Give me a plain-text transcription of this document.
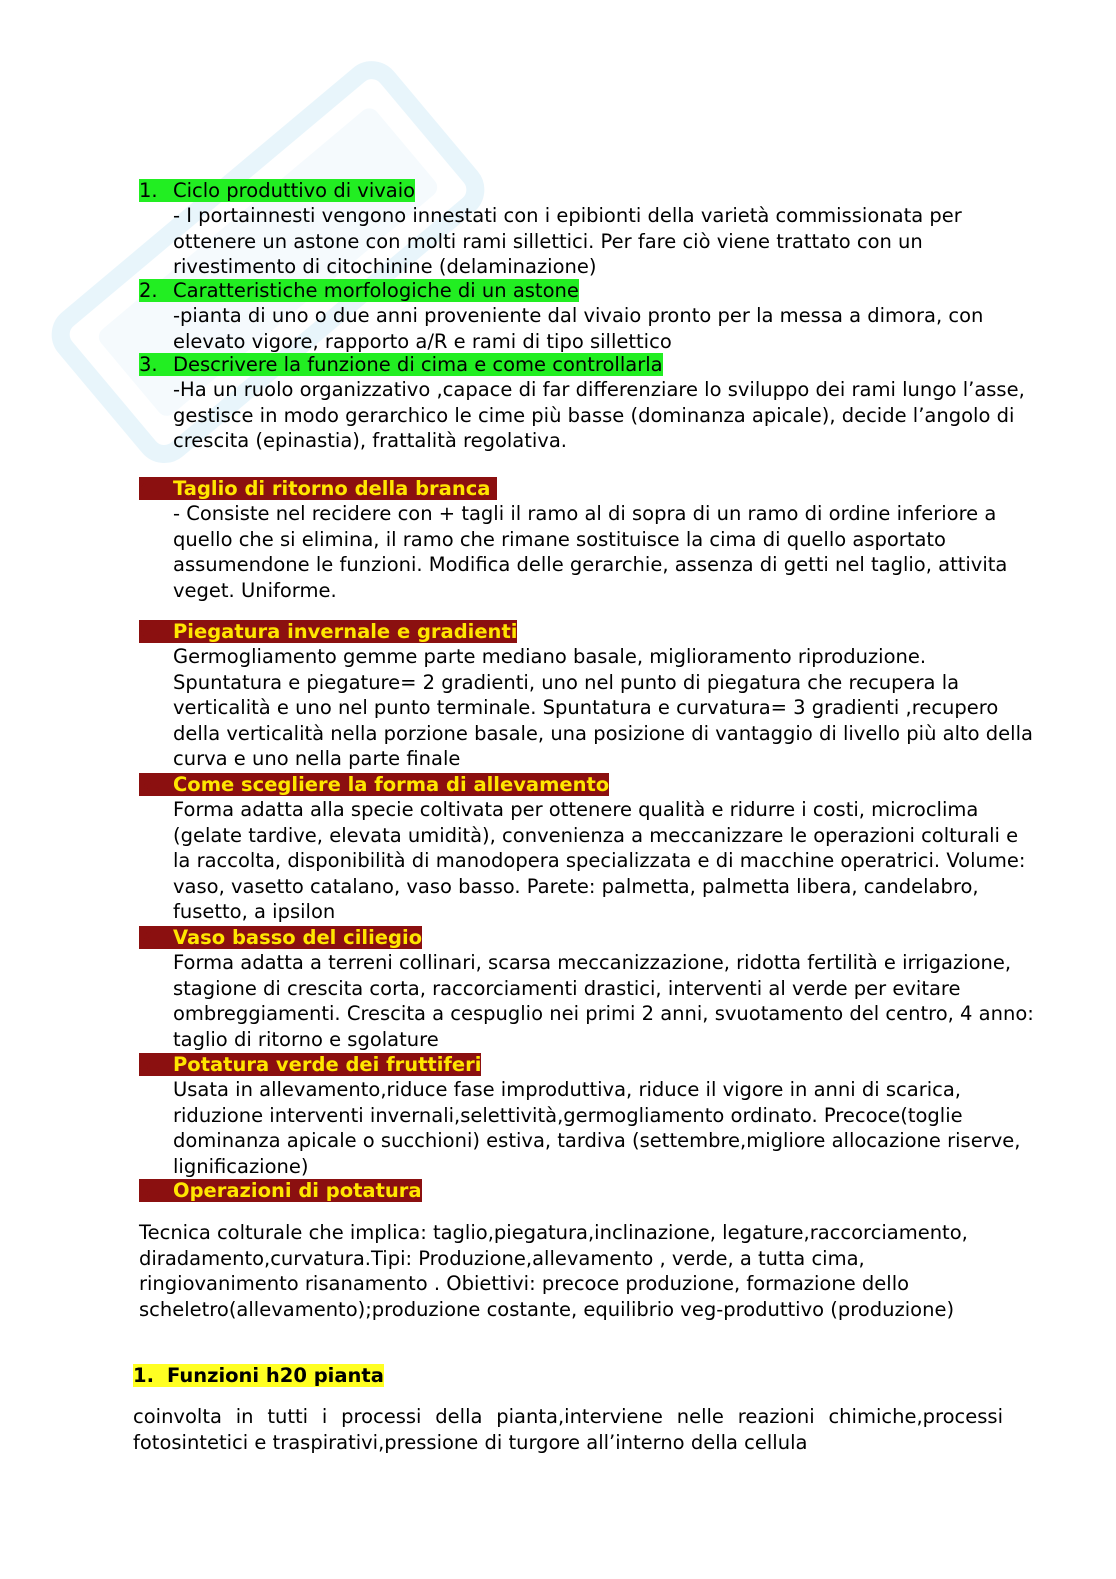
1. Ciclo produttivo di vivaio
- I portainnesti vengono innestati con i epibionti della varietà commissionata per ottenere un astone con molti rami sillettici. Per fare ciò viene trattato con un rivestimento di citochinine (delaminazione)
2. Caratteristiche morfologiche di un astone
-pianta di uno o due anni proveniente dal vivaio pronto per la messa a dimora, con elevato vigore, rapporto a/R e rami di tipo sillettico
3. Descrivere la funzione di cima e come controllarla
-Ha un ruolo organizzativo ,capace di far differenziare lo sviluppo dei rami lungo l’asse, gestisce in modo gerarchico le cime più basse (dominanza apicale), decide l’angolo di crescita (epinastia), frattalità regolativa.
4. Taglio di ritorno della branca
- Consiste nel recidere con + tagli il ramo al di sopra di un ramo di ordine inferiore a quello che si elimina, il ramo che rimane sostituisce la cima di quello asportato assumendone le funzioni. Modifica delle gerarchie, assenza di getti nel taglio, attivita veget. Uniforme.
5. Piegatura invernale e gradienti
Germogliamento gemme parte mediano basale, miglioramento riproduzione. Spuntatura e piegature= 2 gradienti, uno nel punto di piegatura che recupera la verticalità e uno nel punto terminale. Spuntatura e curvatura= 3 gradienti ,recupero della verticalità nella porzione basale, una posizione di vantaggio di livello più alto della curva e uno nella parte finale
6. Come scegliere la forma di allevamento
Forma adatta alla specie coltivata per ottenere qualità e ridurre i costi, microclima (gelate tardive, elevata umidità), convenienza a meccanizzare le operazioni colturali e la raccolta, disponibilità di manodopera specializzata e di macchine operatrici. Volume: vaso, vasetto catalano, vaso basso. Parete: palmetta, palmetta libera, candelabro, fusetto, a ipsilon
7. Vaso basso del ciliegio
Forma adatta a terreni collinari, scarsa meccanizzazione, ridotta fertilità e irrigazione, stagione di crescita corta, raccorciamenti drastici, interventi al verde per evitare ombreggiamenti. Crescita a cespuglio nei primi 2 anni, svuotamento del centro, 4 anno: taglio di ritorno e sgolature
8. Potatura verde dei fruttiferi
Usata in allevamento,riduce fase improduttiva, riduce il vigore in anni di scarica, riduzione interventi invernali,selettività,germogliamento ordinato. Precoce(toglie dominanza apicale o succhioni) estiva, tardiva (settembre,migliore allocazione riserve, lignificazione)
9. Operazioni di potatura
Tecnica colturale che implica: taglio,piegatura,inclinazione, legature,raccorciamento, diradamento,curvatura.Tipi: Produzione,allevamento , verde, a tutta cima, ringiovanimento risanamento . Obiettivi: precoce produzione, formazione dello scheletro(allevamento);produzione costante, equilibrio veg-produttivo (produzione)
1. Funzioni h20 pianta
coinvolta in tutti i processi della pianta,interviene nelle reazioni chimiche,processi fotosintetici e traspirativi,pressione di turgore all’interno della cellula
